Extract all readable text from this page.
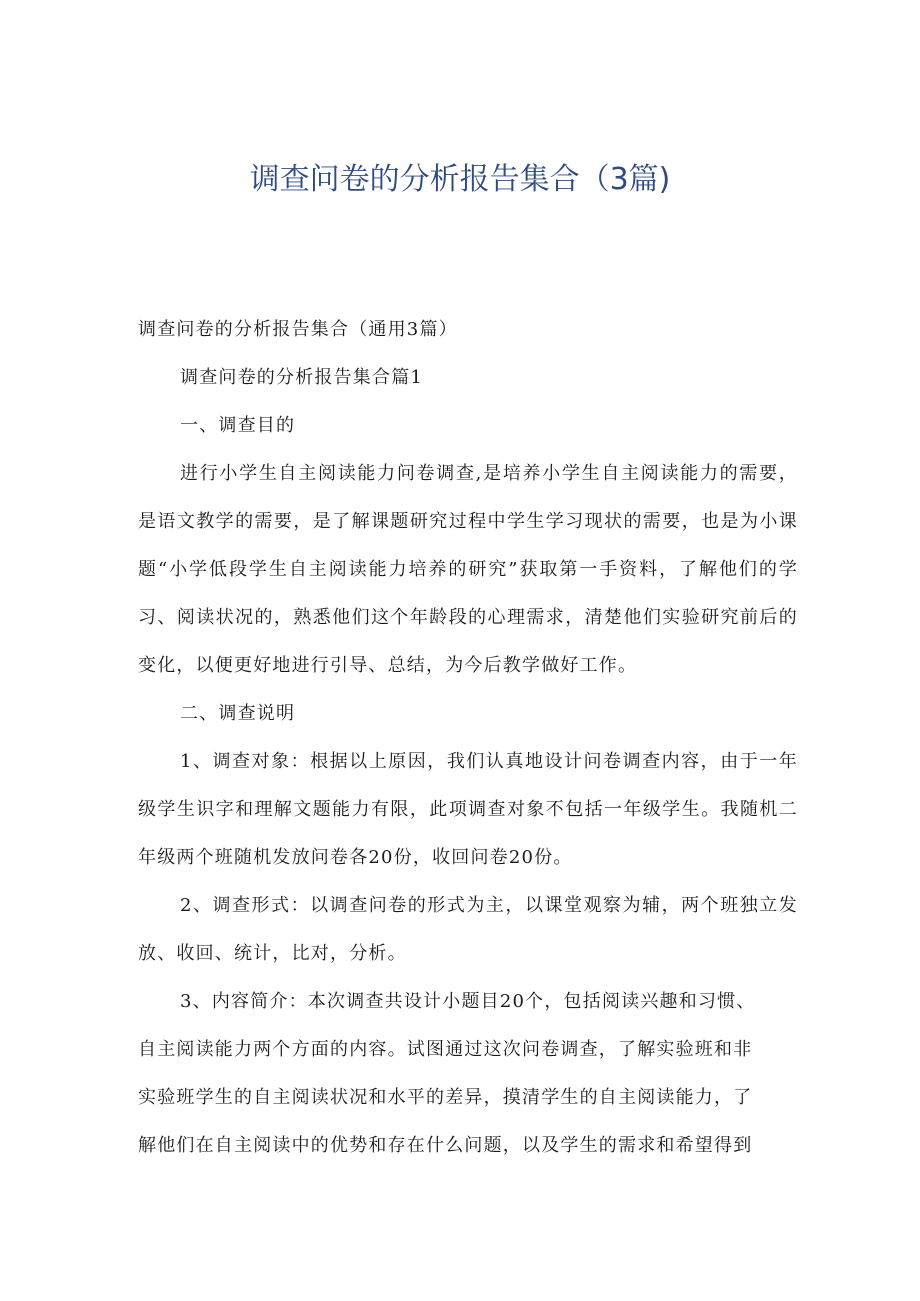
调查问卷的分析报告集合（3篇)

调查问卷的分析报告集合（通用3篇）

调查问卷的分析报告集合篇1

一、调查目的

进行小学生自主阅读能力问卷调查,是培养小学生自主阅读能力的需要，是语文教学的需要，是了解课题研究过程中学生学习现状的需要，也是为小课题“小学低段学生自主阅读能力培养的研究”获取第一手资料，了解他们的学习、阅读状况的，熟悉他们这个年龄段的心理需求，清楚他们实验研究前后的变化，以便更好地进行引导、总结，为今后教学做好工作。

二、调查说明

1、调查对象：根据以上原因，我们认真地设计问卷调查内容，由于一年级学生识字和理解文题能力有限，此项调查对象不包括一年级学生。我随机二年级两个班随机发放问卷各20份，收回问卷20份。

2、调查形式：以调查问卷的形式为主，以课堂观察为辅，两个班独立发放、收回、统计，比对，分析。

3、内容简介：本次调查共设计小题目20个，包括阅读兴趣和习惯、
自主阅读能力两个方面的内容。试图通过这次问卷调查，了解实验班和非
实验班学生的自主阅读状况和水平的差异，摸清学生的自主阅读能力，了
解他们在自主阅读中的优势和存在什么问题，以及学生的需求和希望得到
